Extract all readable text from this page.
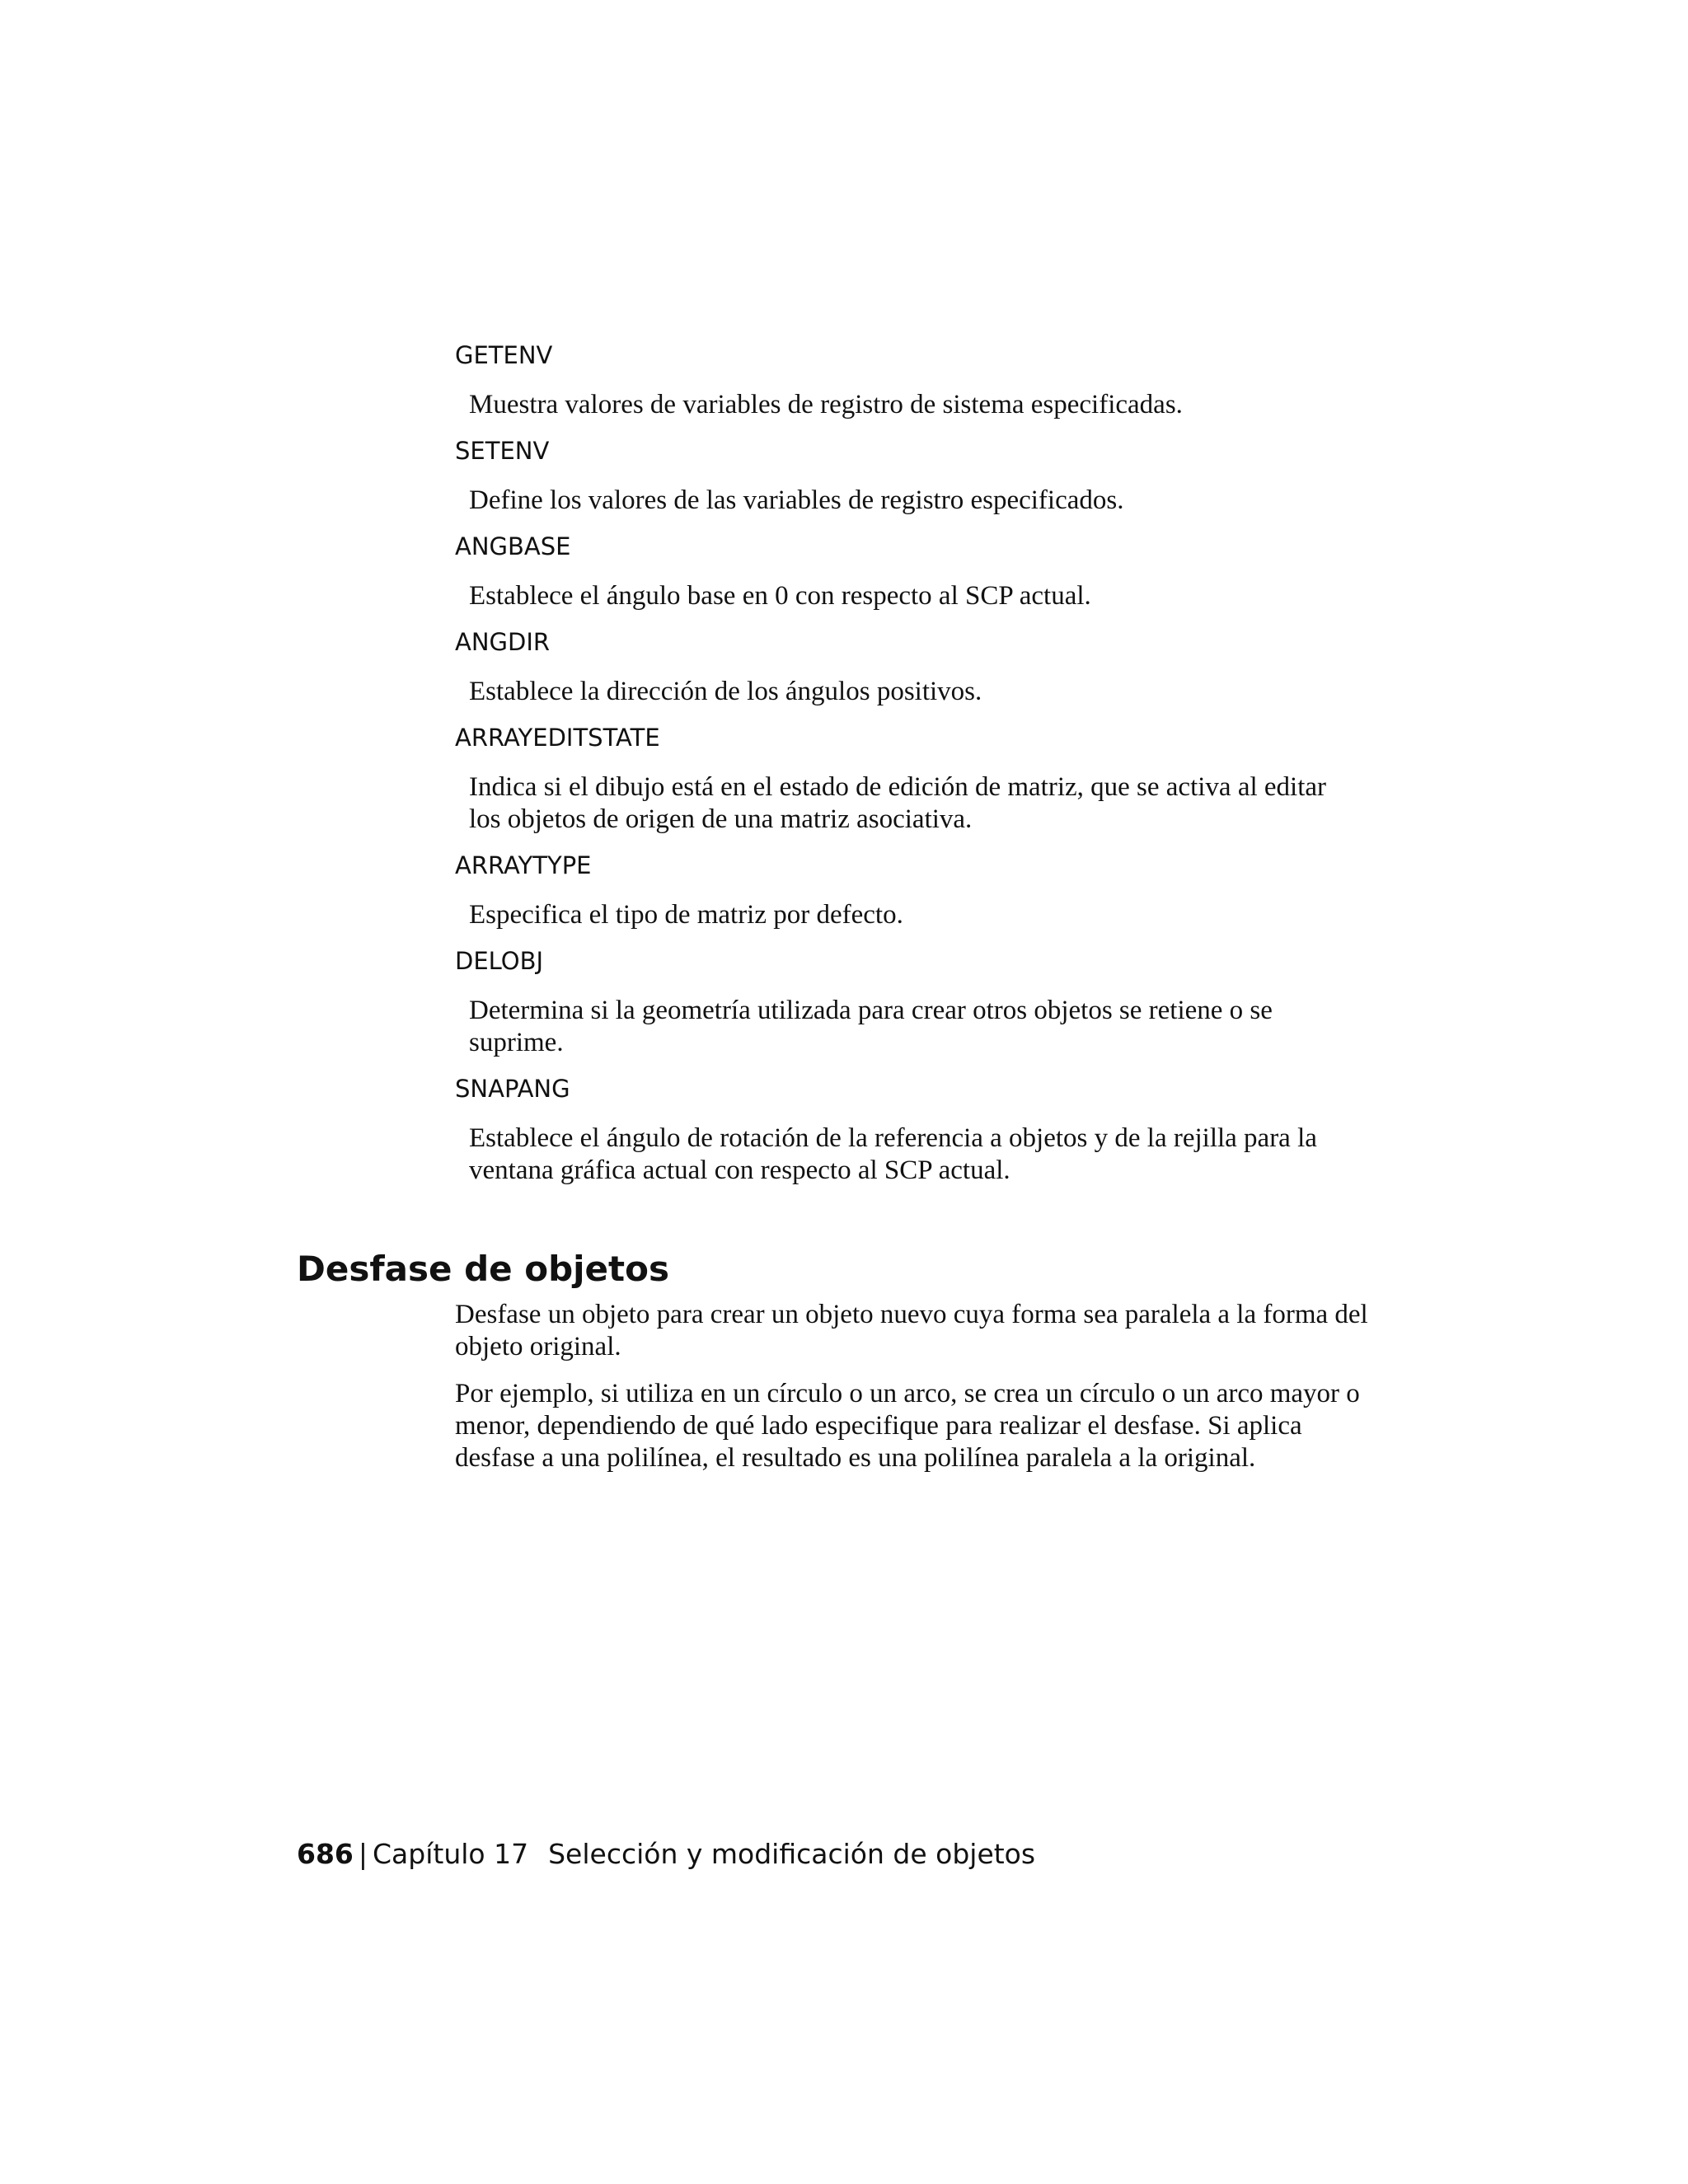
GETENV
Muestra valores de variables de registro de sistema especificadas.
SETENV
Define los valores de las variables de registro especificados.
ANGBASE
Establece el ángulo base en 0 con respecto al SCP actual.
ANGDIR
Establece la dirección de los ángulos positivos.
ARRAYEDITSTATE
Indica si el dibujo está en el estado de edición de matriz, que se activa al editar los objetos de origen de una matriz asociativa.
ARRAYTYPE
Especifica el tipo de matriz por defecto.
DELOBJ
Determina si la geometría utilizada para crear otros objetos se retiene o se suprime.
SNAPANG
Establece el ángulo de rotación de la referencia a objetos y de la rejilla para la ventana gráfica actual con respecto al SCP actual.
Desfase de objetos

Desfase un objeto para crear un objeto nuevo cuya forma sea paralela a la forma del objeto original.

Por ejemplo, si utiliza en un círculo o un arco, se crea un círculo o un arco mayor o menor, dependiendo de qué lado especifique para realizar el desfase. Si aplica desfase a una polilínea, el resultado es una polilínea paralela a la original.

686 | Capítulo 17 Selección y modificación de objetos
